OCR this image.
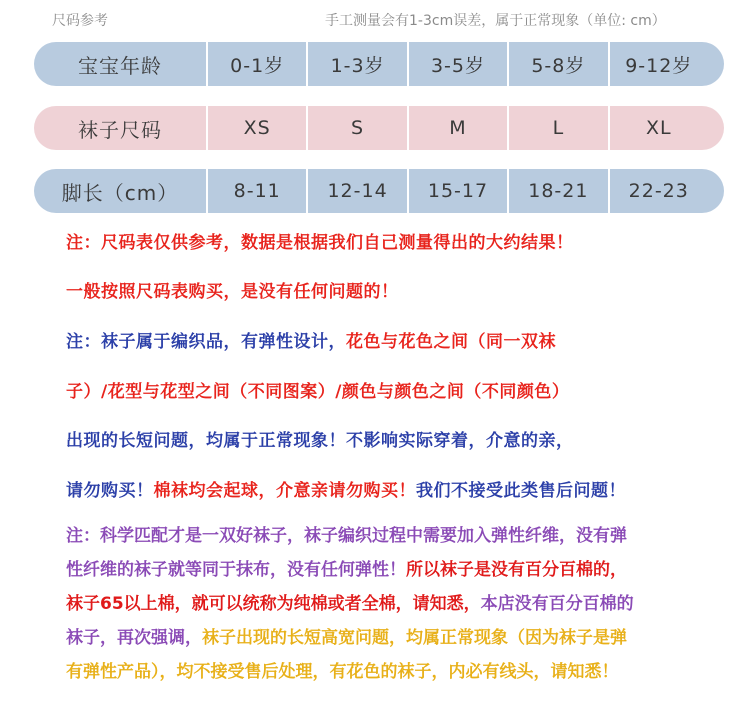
尺码参考	手工测量会有1-3cm误差，属于正常现象（单位: cm）
宝宝年龄	0-1岁	1-3岁	3-5岁	5-8岁	9-12岁
袜子尺码	XS	S	M	L	XL
脚长（cm）	8-11	12-14	15-17	18-21	22-23
注：尺码表仅供参考，数据是根据我们自己测量得出的大约结果！
一般按照尺码表购买，是没有任何问题的！
注：袜子属于编织品，有弹性设计，花色与花色之间（同一双袜
子）/花型与花型之间（不同图案）/颜色与颜色之间（不同颜色）
出现的长短问题，均属于正常现象！不影响实际穿着，介意的亲，
请勿购买！棉袜均会起球，介意亲请勿购买！我们不接受此类售后问题！
注：科学匹配才是一双好袜子，袜子编织过程中需要加入弹性纤维，没有弹
性纤维的袜子就等同于抹布，没有任何弹性！所以袜子是没有百分百棉的，
袜子65以上棉，就可以统称为纯棉或者全棉，请知悉，本店没有百分百棉的
袜子，再次强调，袜子出现的长短高宽问题，均属正常现象（因为袜子是弹
有弹性产品），均不接受售后处理，有花色的袜子，内必有线头，请知悉！
